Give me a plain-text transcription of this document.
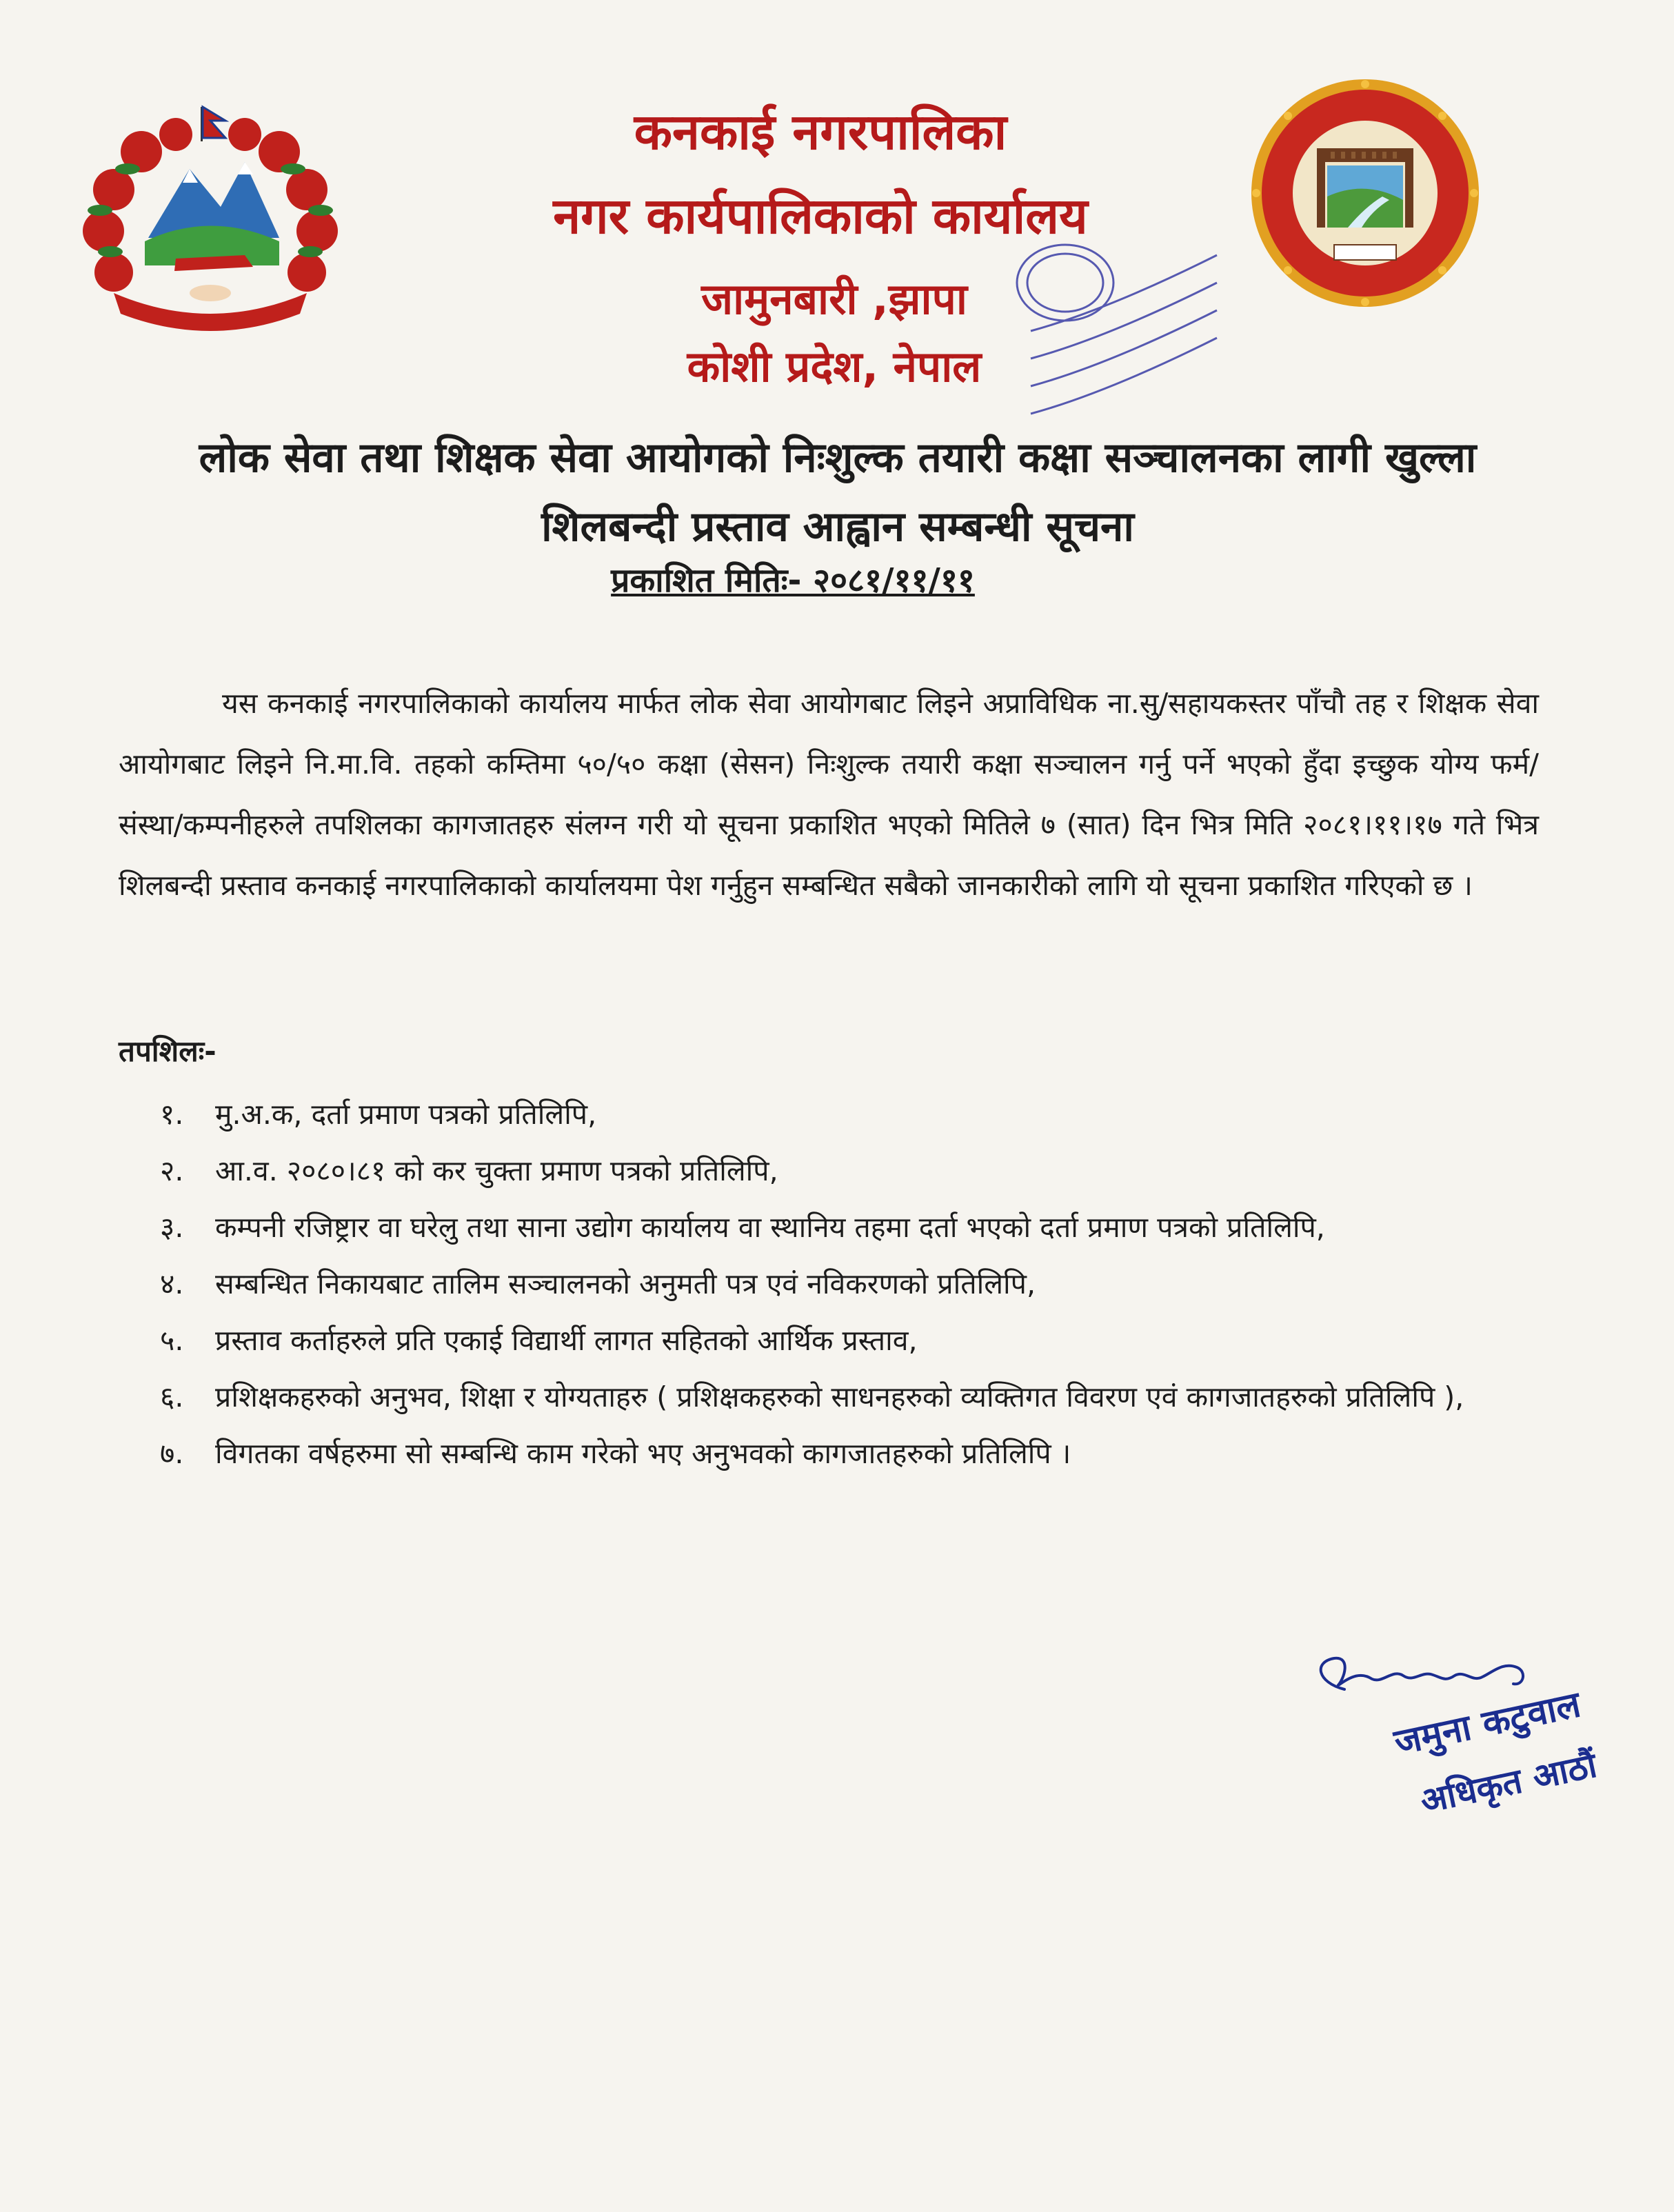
कनकाई नगरपालिका
नगर कार्यपालिकाको कार्यालय
जामुनबारी ,झापा
कोशी प्रदेश, नेपाल
लोक सेवा तथा शिक्षक सेवा आयोगको निःशुल्क तयारी कक्षा सञ्चालनका लागी खुल्ला
शिलबन्दी प्रस्ताव आह्वान सम्बन्धी सूचना
प्रकाशित मितिः- २०८१/११/११

यस कनकाई नगरपालिकाको कार्यालय मार्फत लोक सेवा आयोगबाट लिइने अप्राविधिक ना.सु/सहायकस्तर पाँचौ तह र शिक्षक सेवा आयोगबाट लिइने नि.मा.वि. तहको कम्तिमा ५०/५० कक्षा (सेसन) निःशुल्क तयारी कक्षा सञ्चालन गर्नु पर्ने भएको हुँदा इच्छुक योग्य फर्म/संस्था/कम्पनीहरुले तपशिलका कागजातहरु संलग्न गरी यो सूचना प्रकाशित भएको मितिले ७ (सात) दिन भित्र मिति २०८१।११।१७ गते भित्र शिलबन्दी प्रस्ताव कनकाई नगरपालिकाको कार्यालयमा पेश गर्नुहुन सम्बन्धित सबैको जानकारीको लागि यो सूचना प्रकाशित गरिएको छ ।

तपशिलः-
१.	मु.अ.क, दर्ता प्रमाण पत्रको प्रतिलिपि,
२.	आ.व. २०८०।८१ को कर चुक्ता प्रमाण पत्रको प्रतिलिपि,
३.	कम्पनी रजिष्ट्रार वा घरेलु तथा साना उद्योग कार्यालय वा स्थानिय तहमा दर्ता भएको दर्ता प्रमाण पत्रको प्रतिलिपि,
४.	सम्बन्धित निकायबाट तालिम सञ्चालनको अनुमती पत्र एवं नविकरणको प्रतिलिपि,
५.	प्रस्ताव कर्ताहरुले प्रति एकाई विद्यार्थी लागत सहितको आर्थिक प्रस्ताव,
६.	प्रशिक्षकहरुको अनुभव, शिक्षा र योग्यताहरु ( प्रशिक्षकहरुको साधनहरुको व्यक्तिगत विवरण एवं कागजातहरुको प्रतिलिपि ),
७.	विगतका वर्षहरुमा सो सम्बन्धि काम गरेको भए अनुभवको कागजातहरुको प्रतिलिपि ।
जमुना कटुवाल
अधिकृत आठौं
